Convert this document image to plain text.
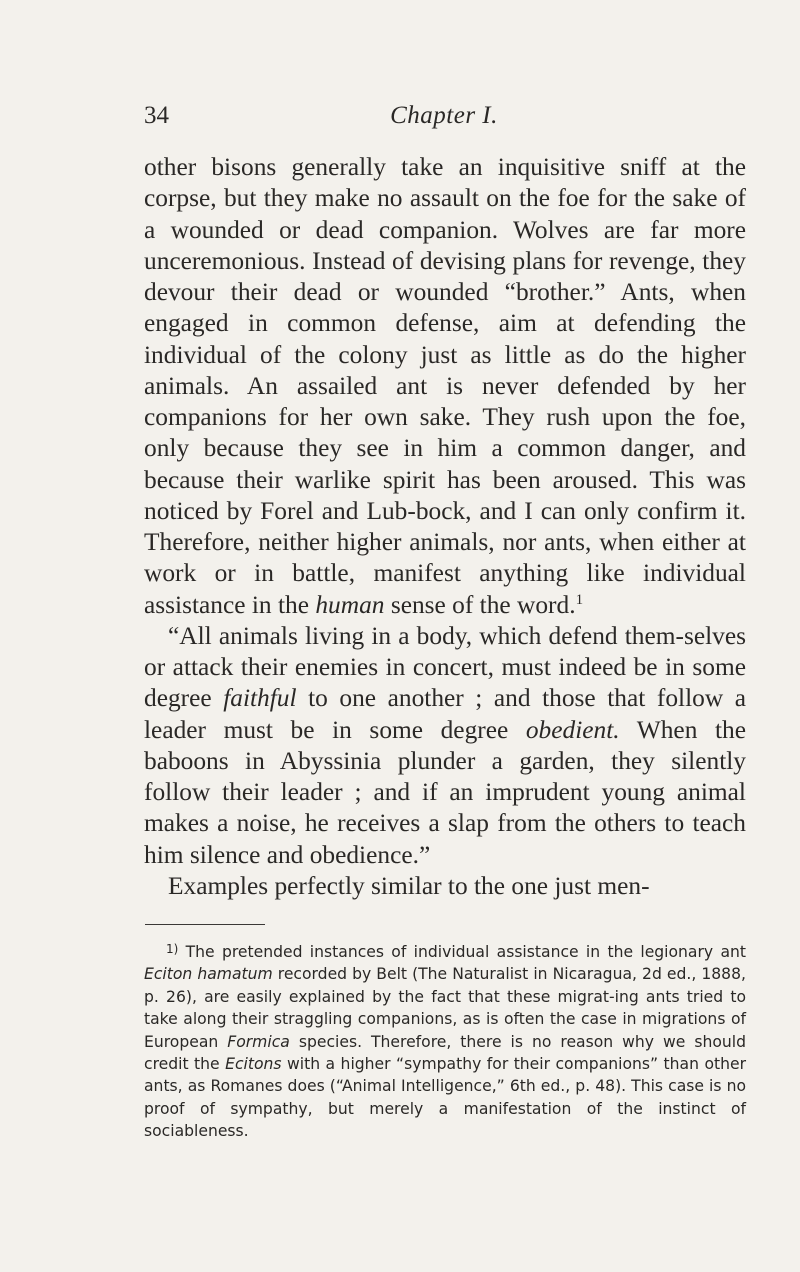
34	Chapter I.

other bisons generally take an inquisitive sniff at the corpse, but they make no assault on the foe for the sake of a wounded or dead companion. Wolves are far more unceremonious. Instead of devising plans for revenge, they devour their dead or wounded “brother.” Ants, when engaged in common defense, aim at defending the individual of the colony just as little as do the higher animals. An assailed ant is never defended by her companions for her own sake. They rush upon the foe, only because they see in him a common danger, and because their warlike spirit has been aroused. This was noticed by Forel and Lub-bock, and I can only confirm it. Therefore, neither higher animals, nor ants, when either at work or in battle, manifest anything like individual assistance in the human sense of the word.$^1$

“All animals living in a body, which defend them-selves or attack their enemies in concert, must indeed be in some degree faithful to one another ; and those that follow a leader must be in some degree obedient. When the baboons in Abyssinia plunder a garden, they silently follow their leader ; and if an imprudent young animal makes a noise, he receives a slap from the others to teach him silence and obedience.”

Examples perfectly similar to the one just men-

$^{1)}$ The pretended instances of individual assistance in the legionary ant Eciton hamatum recorded by Belt (The Naturalist in Nicaragua, 2d ed., 1888, p. 26), are easily explained by the fact that these migrat-ing ants tried to take along their straggling companions, as is often the case in migrations of European Formica species. Therefore, there is no reason why we should credit the Ecitons with a higher “sympathy for their companions” than other ants, as Romanes does (“Animal Intelligence,” 6th ed., p. 48). This case is no proof of sympathy, but merely a manifestation of the instinct of sociableness.
